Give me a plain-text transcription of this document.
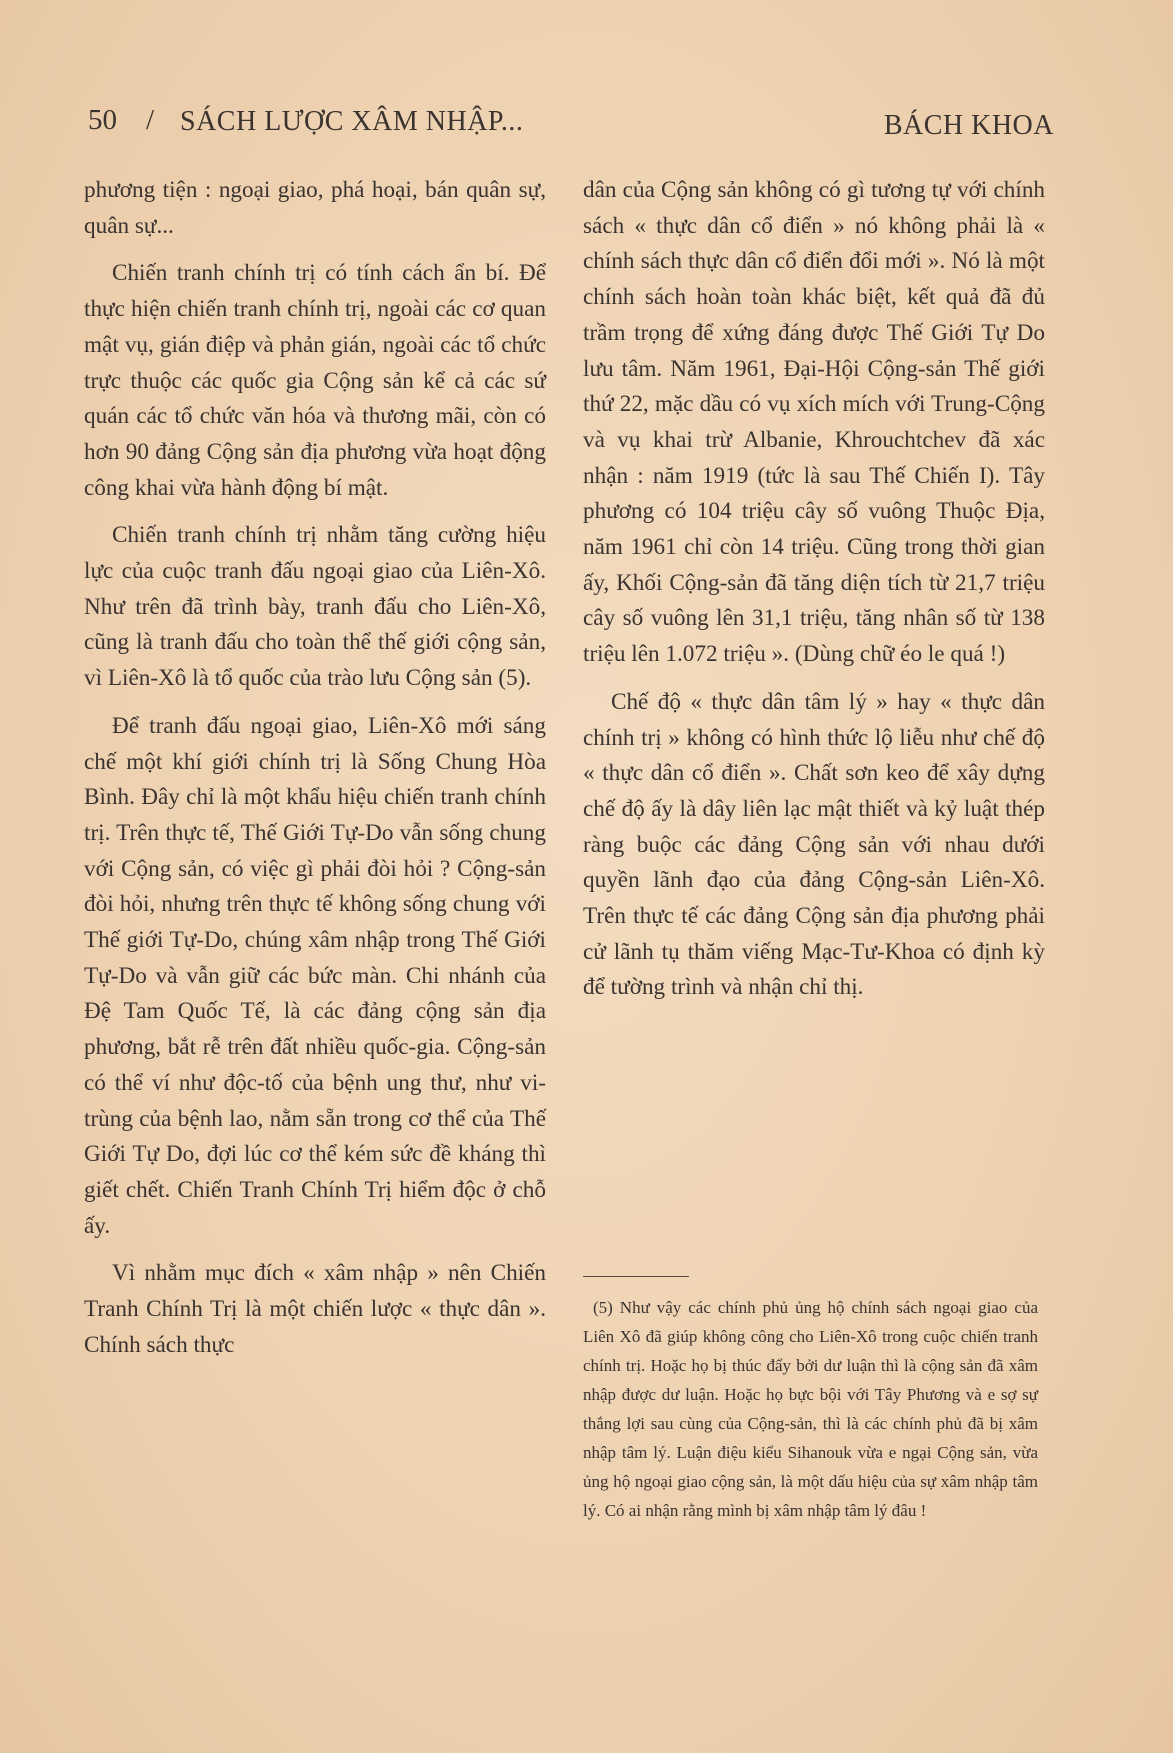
50 / SÁCH LƯỢC XÂM NHẬP...	BÁCH KHOA

phương tiện : ngoại giao, phá hoại, bán quân sự, quân sự...

Chiến tranh chính trị có tính cách ẩn bí. Để thực hiện chiến tranh chính trị, ngoài các cơ quan mật vụ, gián điệp và phản gián, ngoài các tổ chức trực thuộc các quốc gia Cộng sản kể cả các sứ quán các tổ chức văn hóa và thương mãi, còn có hơn 90 đảng Cộng sản địa phương vừa hoạt động công khai vừa hành động bí mật.

Chiến tranh chính trị nhằm tăng cường hiệu lực của cuộc tranh đấu ngoại giao của Liên-Xô. Như trên đã trình bày, tranh đấu cho Liên-Xô, cũng là tranh đấu cho toàn thể thế giới cộng sản, vì Liên-Xô là tổ quốc của trào lưu Cộng sản (5).

Để tranh đấu ngoại giao, Liên-Xô mới sáng chế một khí giới chính trị là Sống Chung Hòa Bình. Đây chỉ là một khẩu hiệu chiến tranh chính trị. Trên thực tế, Thế Giới Tự-Do vẫn sống chung với Cộng sản, có việc gì phải đòi hỏi ? Cộng-sản đòi hỏi, nhưng trên thực tế không sống chung với Thế giới Tự-Do, chúng xâm nhập trong Thế Giới Tự-Do và vẫn giữ các bức màn. Chi nhánh của Đệ Tam Quốc Tế, là các đảng cộng sản địa phương, bắt rễ trên đất nhiều quốc-gia. Cộng-sản có thể ví như độc-tố của bệnh ung thư, như vi-trùng của bệnh lao, nằm sẵn trong cơ thể của Thế Giới Tự Do, đợi lúc cơ thể kém sức đề kháng thì giết chết. Chiến Tranh Chính Trị hiểm độc ở chỗ ấy.

Vì nhằm mục đích « xâm nhập » nên Chiến Tranh Chính Trị là một chiến lược « thực dân ». Chính sách thực

dân của Cộng sản không có gì tương tự với chính sách « thực dân cổ điển » nó không phải là « chính sách thực dân cổ điển đổi mới ». Nó là một chính sách hoàn toàn khác biệt, kết quả đã đủ trầm trọng để xứng đáng được Thế Giới Tự Do lưu tâm. Năm 1961, Đại-Hội Cộng-sản Thế giới thứ 22, mặc dầu có vụ xích mích với Trung-Cộng và vụ khai trừ Albanie, Khrouchtchev đã xác nhận : năm 1919 (tức là sau Thế Chiến I). Tây phương có 104 triệu cây số vuông Thuộc Địa, năm 1961 chỉ còn 14 triệu. Cũng trong thời gian ấy, Khối Cộng-sản đã tăng diện tích từ 21,7 triệu cây số vuông lên 31,1 triệu, tăng nhân số từ 138 triệu lên 1.072 triệu ». (Dùng chữ éo le quá !)

Chế độ « thực dân tâm lý » hay « thực dân chính trị » không có hình thức lộ liễu như chế độ « thực dân cổ điển ». Chất sơn keo để xây dựng chế độ ấy là dây liên lạc mật thiết và kỷ luật thép ràng buộc các đảng Cộng sản với nhau dưới quyền lãnh đạo của đảng Cộng-sản Liên-Xô. Trên thực tế các đảng Cộng sản địa phương phải cử lãnh tụ thăm viếng Mạc-Tư-Khoa có định kỳ để tường trình và nhận chỉ thị.

(5) Như vậy các chính phủ ủng hộ chính sách ngoại giao của Liên Xô đã giúp không công cho Liên-Xô trong cuộc chiến tranh chính trị. Hoặc họ bị thúc đẩy bởi dư luận thì là cộng sản đã xâm nhập được dư luận. Hoặc họ bực bội với Tây Phương và e sợ sự thắng lợi sau cùng của Cộng-sản, thì là các chính phủ đã bị xâm nhập tâm lý. Luận điệu kiểu Sihanouk vừa e ngại Cộng sản, vừa ủng hộ ngoại giao cộng sản, là một dấu hiệu của sự xâm nhập tâm lý. Có ai nhận rằng mình bị xâm nhập tâm lý đâu !
